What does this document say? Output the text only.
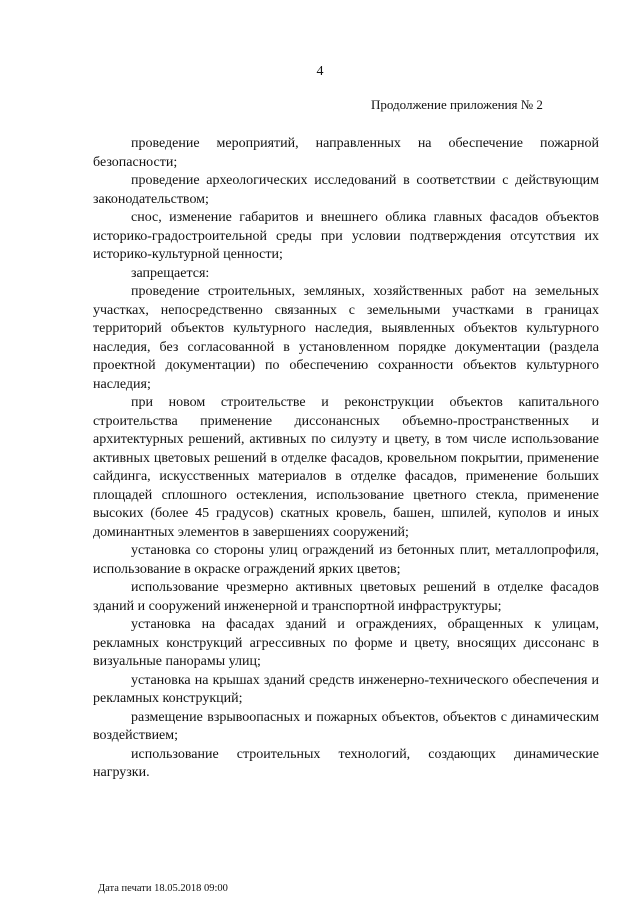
4
Продолжение приложения № 2

проведение мероприятий, направленных на обеспечение пожарной безопасности;

проведение археологических исследований в соответствии с действующим законодательством;

снос, изменение габаритов и внешнего облика главных фасадов объектов историко-градостроительной среды при условии подтверждения отсутствия их историко-культурной ценности;

запрещается:

проведение строительных, земляных, хозяйственных работ на земельных участках, непосредственно связанных с земельными участками в границах территорий объектов культурного наследия, выявленных объектов культурного наследия, без согласованной в установленном порядке документации (раздела проектной документации) по обеспечению сохранности объектов культурного наследия;

при новом строительстве и реконструкции объектов капитального строительства применение диссонансных объемно-пространственных и архитектурных решений, активных по силуэту и цвету, в том числе использование активных цветовых решений в отделке фасадов, кровельном покрытии, применение сайдинга, искусственных материалов в отделке фасадов, применение больших площадей сплошного остекления, использование цветного стекла, применение высоких (более 45 градусов) скатных кровель, башен, шпилей, куполов и иных доминантных элементов в завершениях сооружений;

установка со стороны улиц ограждений из бетонных плит, металлопрофиля, использование в окраске ограждений ярких цветов;

использование чрезмерно активных цветовых решений в отделке фасадов зданий и сооружений инженерной и транспортной инфраструктуры;

установка на фасадах зданий и ограждениях, обращенных к улицам, рекламных конструкций агрессивных по форме и цвету, вносящих диссонанс в визуальные панорамы улиц;

установка на крышах зданий средств инженерно-технического обеспечения и рекламных конструкций;

размещение взрывоопасных и пожарных объектов, объектов с динамическим воздействием;

использование строительных технологий, создающих динамические нагрузки.

Дата печати 18.05.2018 09:00
